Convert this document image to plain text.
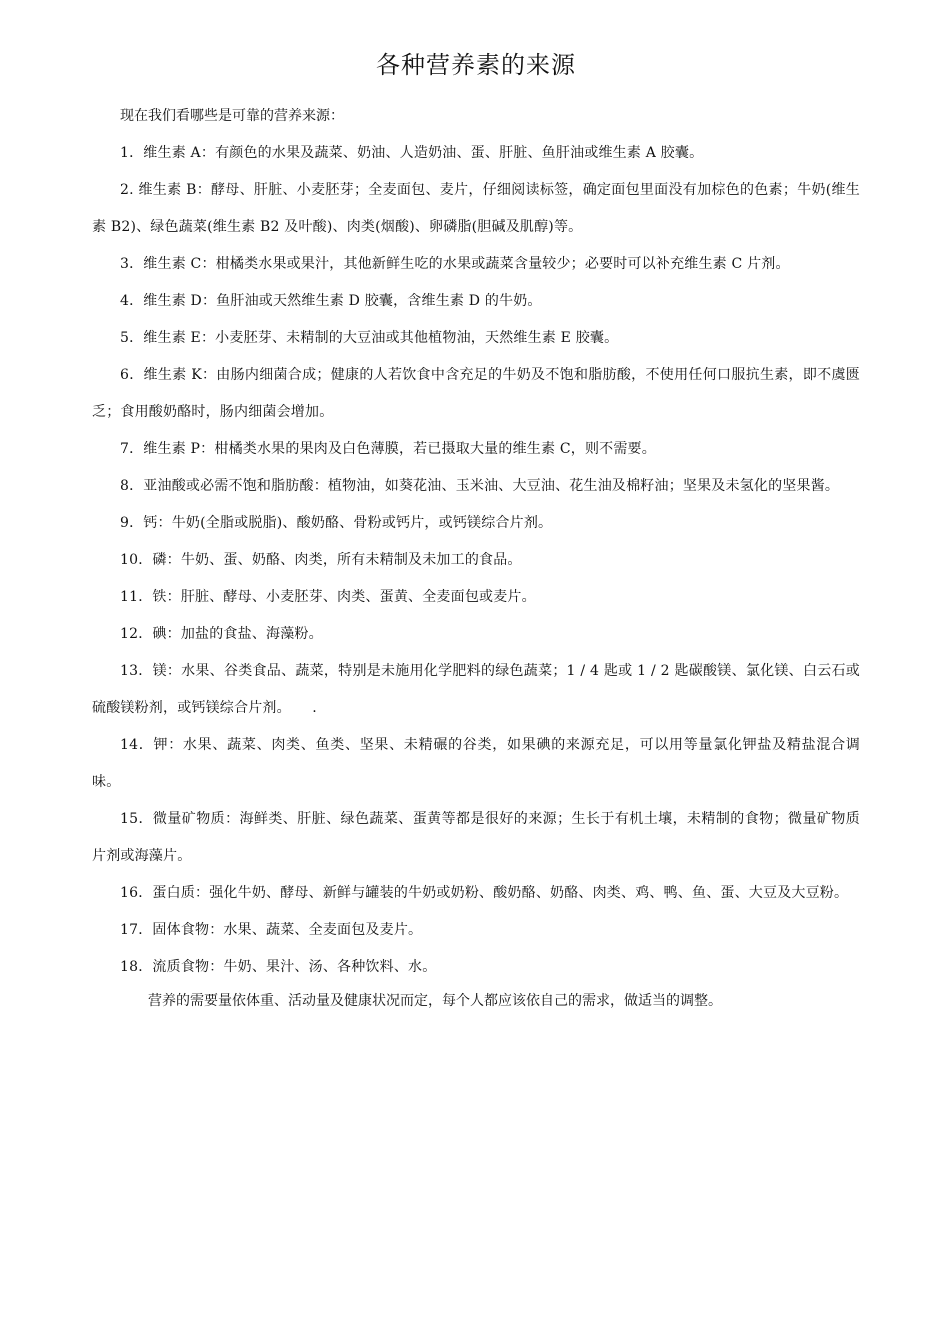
各种营养素的来源

现在我们看哪些是可靠的营养来源：

1．维生素 A：有颜色的水果及蔬菜、奶油、人造奶油、蛋、肝脏、鱼肝油或维生素 A 胶囊。

2. 维生素 B：酵母、肝脏、小麦胚芽；全麦面包、麦片，仔细阅读标签，确定面包里面没有加棕色的色素；牛奶(维生素 B2)、绿色蔬菜(维生素 B2 及叶酸)、肉类(烟酸)、卵磷脂(胆碱及肌醇)等。

3．维生素 C：柑橘类水果或果汁，其他新鲜生吃的水果或蔬菜含量较少；必要时可以补充维生素 C 片剂。

4．维生素 D：鱼肝油或天然维生素 D 胶囊，含维生素 D 的牛奶。

5．维生素 E：小麦胚芽、未精制的大豆油或其他植物油，天然维生素 E 胶囊。

6．维生素 K：由肠内细菌合成；健康的人若饮食中含充足的牛奶及不饱和脂肪酸，不使用任何口服抗生素，即不虞匮乏；食用酸奶酪时，肠内细菌会增加。

7．维生素 P：柑橘类水果的果肉及白色薄膜，若已摄取大量的维生素 C，则不需要。

8．亚油酸或必需不饱和脂肪酸：植物油，如葵花油、玉米油、大豆油、花生油及棉籽油；坚果及未氢化的坚果酱。

9．钙：牛奶(全脂或脱脂)、酸奶酪、骨粉或钙片，或钙镁综合片剂。

10．磷：牛奶、蛋、奶酪、肉类，所有未精制及未加工的食品。

11．铁：肝脏、酵母、小麦胚芽、肉类、蛋黄、全麦面包或麦片。

12．碘：加盐的食盐、海藻粉。

13．镁：水果、谷类食品、蔬菜，特别是未施用化学肥料的绿色蔬菜；1 / 4 匙或 1 / 2 匙碳酸镁、氯化镁、白云石或硫酸镁粉剂，或钙镁综合片剂。　　.

14．钾：水果、蔬菜、肉类、鱼类、坚果、未精碾的谷类，如果碘的来源充足，可以用等量氯化钾盐及精盐混合调味。

15．微量矿物质：海鲜类、肝脏、绿色蔬菜、蛋黄等都是很好的来源；生长于有机土壤，未精制的食物；微量矿物质片剂或海藻片。

16．蛋白质：强化牛奶、酵母、新鲜与罐装的牛奶或奶粉、酸奶酪、奶酪、肉类、鸡、鸭、鱼、蛋、大豆及大豆粉。

17．固体食物：水果、蔬菜、全麦面包及麦片。

18．流质食物：牛奶、果汁、汤、各种饮料、水。

营养的需要量依体重、活动量及健康状况而定，每个人都应该依自己的需求，做适当的调整。
